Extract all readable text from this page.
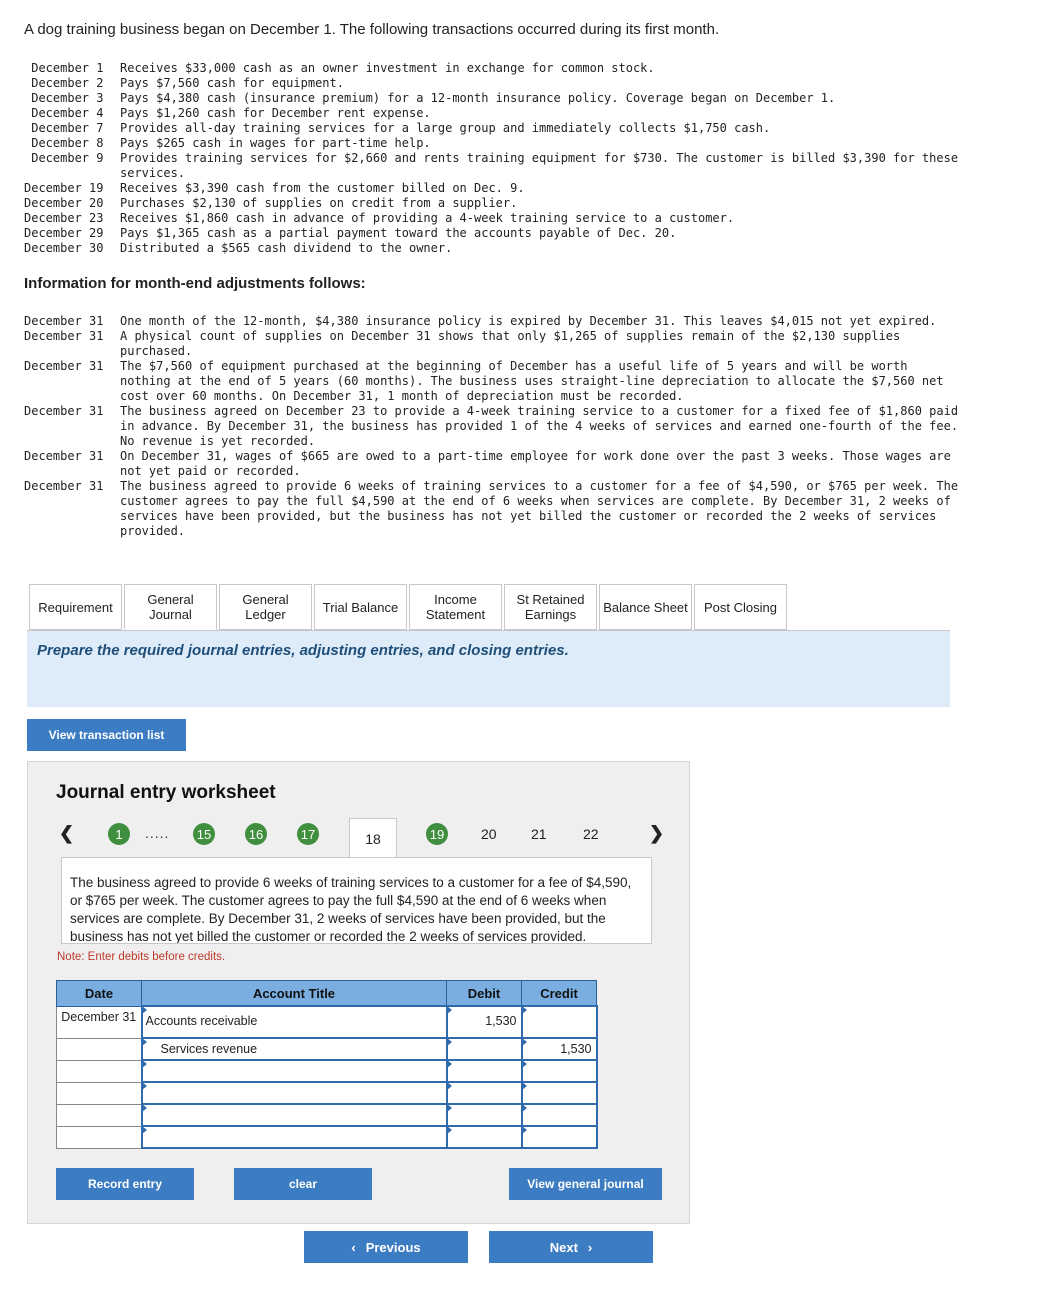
A dog training business began on December 1. The following transactions occurred during its first month.
December 1	Receives $33,000 cash as an owner investment in exchange for common stock.
December 2	Pays $7,560 cash for equipment.
December 3	Pays $4,380 cash (insurance premium) for a 12-month insurance policy. Coverage began on December 1.
December 4	Pays $1,260 cash for December rent expense.
December 7	Provides all-day training services for a large group and immediately collects $1,750 cash.
December 8	Pays $265 cash in wages for part-time help.
December 9	Provides training services for $2,660 and rents training equipment for $730. The customer is billed $3,390 for these services.
December 19	Receives $3,390 cash from the customer billed on Dec. 9.
December 20	Purchases $2,130 of supplies on credit from a supplier.
December 23	Receives $1,860 cash in advance of providing a 4-week training service to a customer.
December 29	Pays $1,365 cash as a partial payment toward the accounts payable of Dec. 20.
December 30	Distributed a $565 cash dividend to the owner.
Information for month-end adjustments follows:
December 31	One month of the 12-month, $4,380 insurance policy is expired by December 31. This leaves $4,015 not yet expired.
December 31	A physical count of supplies on December 31 shows that only $1,265 of supplies remain of the $2,130 supplies purchased.
December 31	The $7,560 of equipment purchased at the beginning of December has a useful life of 5 years and will be worth nothing at the end of 5 years (60 months). The business uses straight-line depreciation to allocate the $7,560 net cost over 60 months. On December 31, 1 month of depreciation must be recorded.
December 31	The business agreed on December 23 to provide a 4-week training service to a customer for a fixed fee of $1,860 paid in advance. By December 31, the business has provided 1 of the 4 weeks of services and earned one-fourth of the fee. No revenue is yet recorded.
December 31	On December 31, wages of $665 are owed to a part-time employee for work done over the past 3 weeks. Those wages are not yet paid or recorded.
December 31	The business agreed to provide 6 weeks of training services to a customer for a fee of $4,590, or $765 per week. The customer agrees to pay the full $4,590 at the end of 6 weeks when services are complete. By December 31, 2 weeks of services have been provided, but the business has not yet billed the customer or recorded the 2 weeks of services provided.
Requirement	General Journal
General Ledger	Trial Balance	Income Statement
St Retained Earnings	Balance Sheet Post Closing
Prepare the required journal entries, adjusting entries, and closing entries.
View transaction list
Journal entry worksheet
❮	1	..... 15	16	17	18	19	20 21	22	❯
The business agreed to provide 6 weeks of training services to a customer for a fee of $4,590, or $765 per week. The customer agrees to pay the full $4,590 at the end of 6 weeks when services are complete. By December 31, 2 weeks of services have been provided, but the business has not yet billed the customer or recorded the 2 weeks of services provided.
Note: Enter debits before credits.
Date	Account Title	Debit	Credit
December 31	Accounts receivable	1,530	

	Services revenue		1,530

Record entry	clear	View general journal
‹ Previous	Next ›
